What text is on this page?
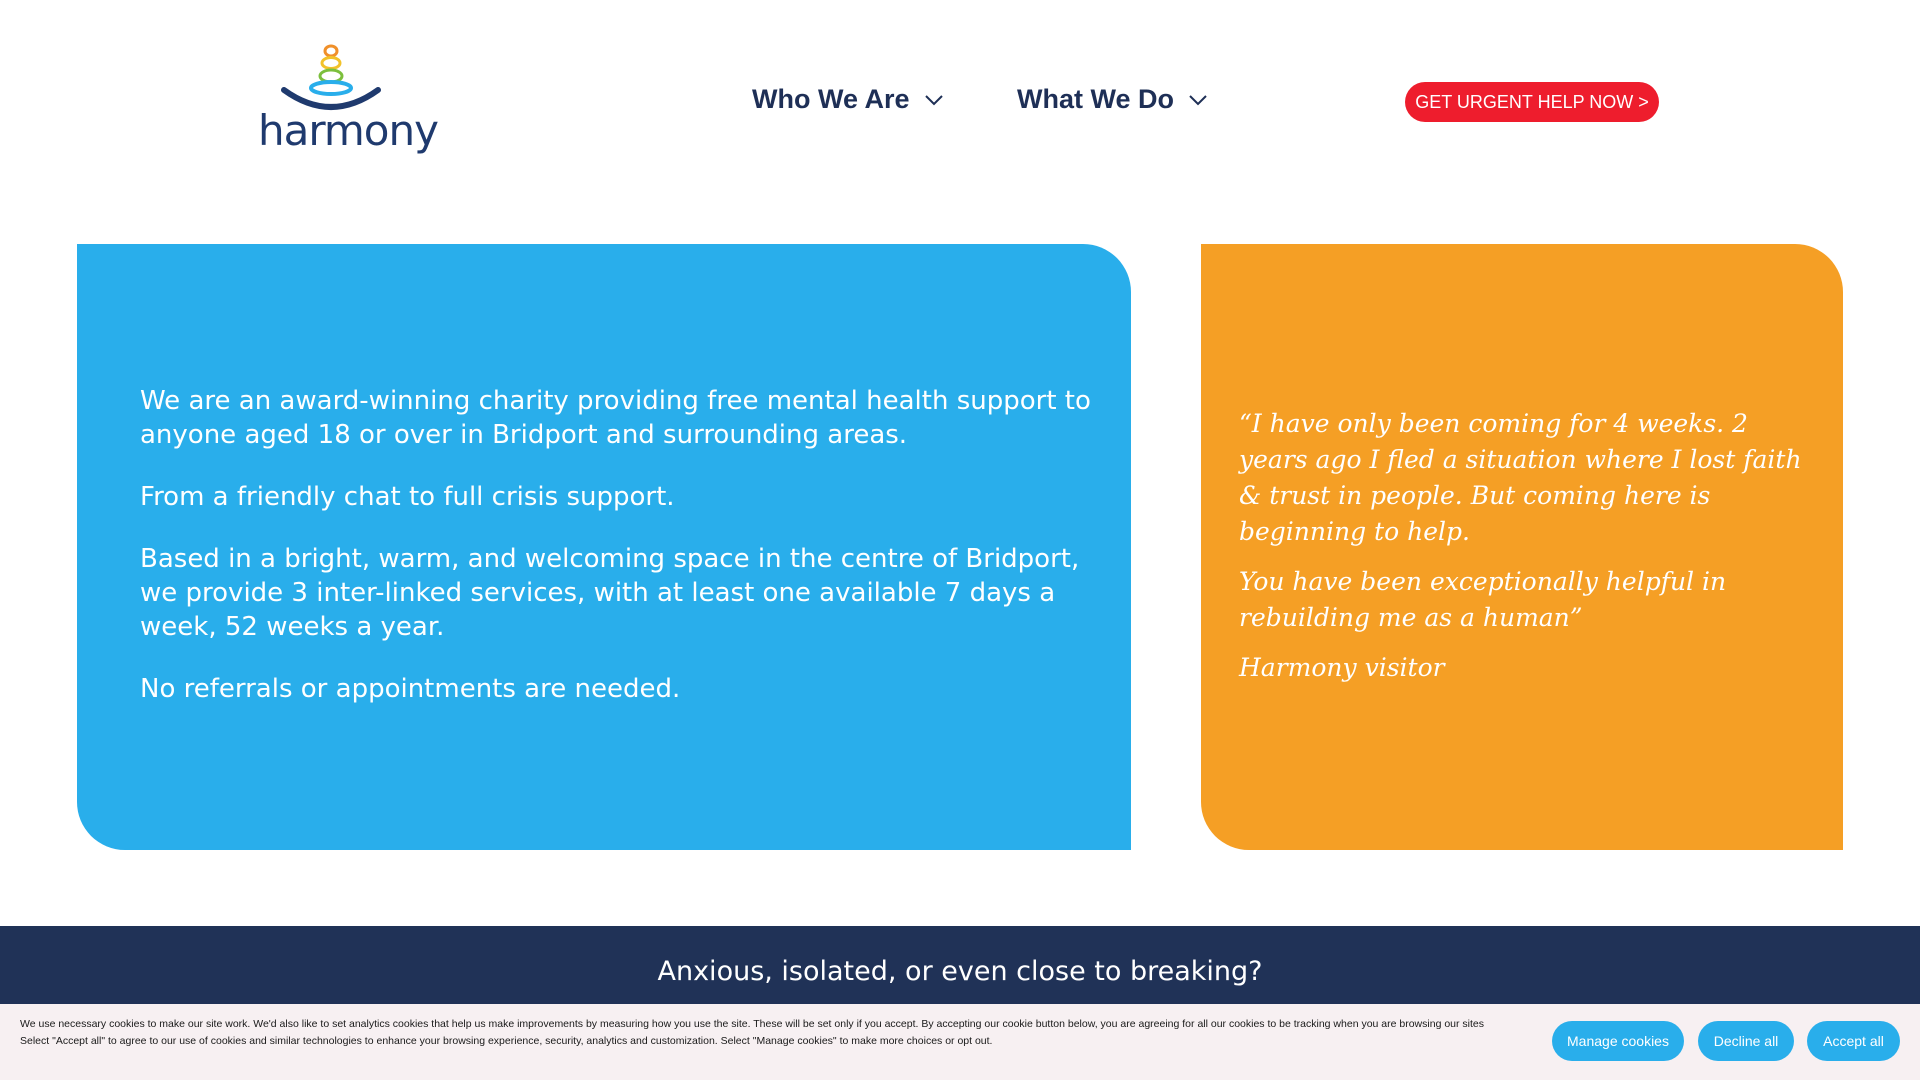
harmony
Who We Are	What We Do	GET URGENT HELP NOW >

We are an award-winning charity providing free mental health support to anyone aged 18 or over in Bridport and surrounding areas.

From a friendly chat to full crisis support.

Based in a bright, warm, and welcoming space in the centre of Bridport, we provide 3 inter-linked services, with at least one available 7 days a week, 52 weeks a year.

No referrals or appointments are needed.

“I have only been coming for 4 weeks. 2 years ago I fled a situation where I lost faith & trust in people. But coming here is beginning to help.

You have been exceptionally helpful in rebuilding me as a human”

Harmony visitor

Anxious, isolated, or even close to breaking?

We use necessary cookies to make our site work. We'd also like to set analytics cookies that help us make improvements by measuring how you use the site. These will be set only if you accept. By accepting our cookie button below, you are agreeing for all our cookies to be tracking when you are browsing our sites

Select "Accept all" to agree to our use of cookies and similar technologies to enhance your browsing experience, security, analytics and customization. Select "Manage cookies" to make more choices or opt out.	Manage cookies	Decline all	Accept all
